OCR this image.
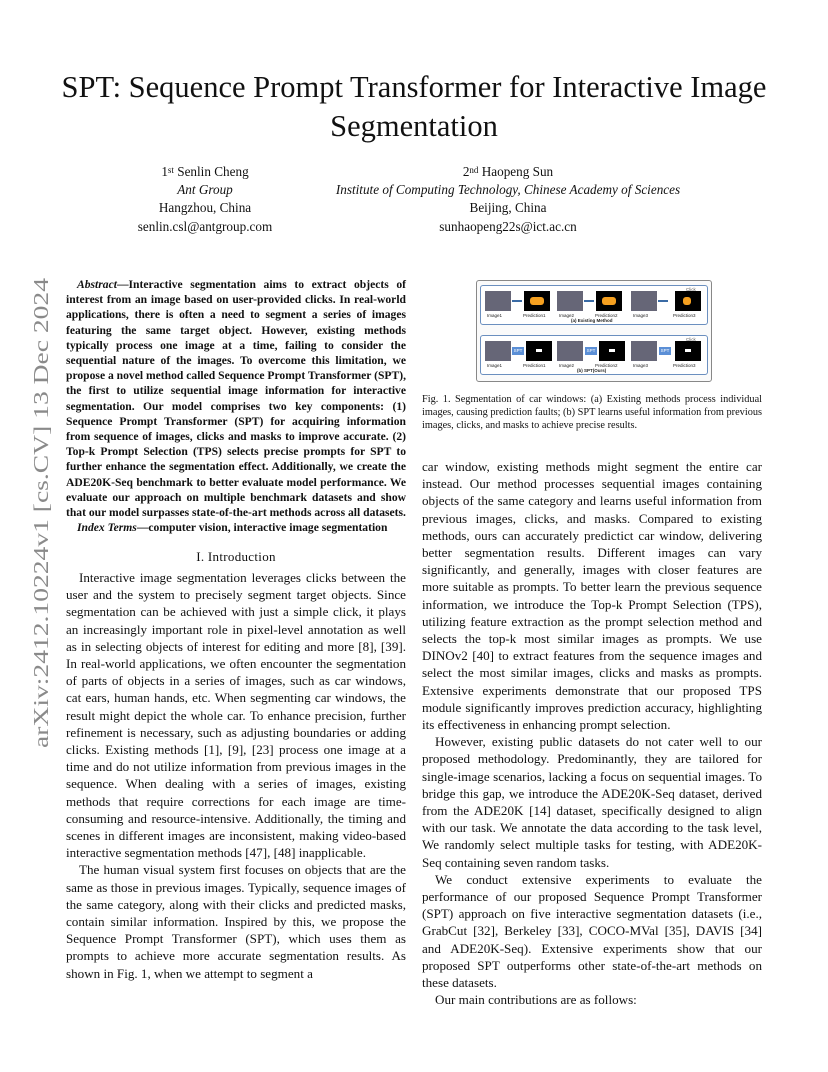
arXiv:2412.10224v1 [cs.CV] 13 Dec 2024
SPT: Sequence Prompt Transformer for Interactive Image Segmentation
1st Senlin Cheng
Ant Group
Hangzhou, China
senlin.csl@antgroup.com
2nd Haopeng Sun
Institute of Computing Technology, Chinese Academy of Sciences
Beijing, China
sunhaopeng22s@ict.ac.cn

Abstract—Interactive segmentation aims to extract objects of interest from an image based on user-provided clicks. In real-world applications, there is often a need to segment a series of images featuring the same target object. However, existing methods typically process one image at a time, failing to consider the sequential nature of the images. To overcome this limitation, we propose a novel method called Sequence Prompt Transformer (SPT), the first to utilize sequential image information for interactive segmentation. Our model comprises two key components: (1) Sequence Prompt Transformer (SPT) for acquiring information from sequence of images, clicks and masks to improve accurate. (2) Top-k Prompt Selection (TPS) selects precise prompts for SPT to further enhance the segmentation effect. Additionally, we create the ADE20K-Seq benchmark to better evaluate model performance. We evaluate our approach on multiple benchmark datasets and show that our model surpasses state-of-the-art methods across all datasets.

Index Terms—computer vision, interactive image segmentation

I. Introduction

Interactive image segmentation leverages clicks between the user and the system to precisely segment target objects. Since segmentation can be achieved with just a simple click, it plays an increasingly important role in pixel-level annotation as well as in selecting objects of interest for editing and more [8], [39]. In real-world applications, we often encounter the segmentation of parts of objects in a series of images, such as car windows, cat ears, human hands, etc. When segmenting car windows, the result might depict the whole car. To enhance precision, further refinement is necessary, such as adjusting boundaries or adding clicks. Existing methods [1], [9], [23] process one image at a time and do not utilize information from previous images in the sequence. When dealing with a series of images, existing methods that require corrections for each image are time-consuming and resource-intensive. Additionally, the timing and scenes in different images are inconsistent, making video-based interactive segmentation methods [47], [48] inapplicable.

The human visual system first focuses on objects that are the same as those in previous images. Typically, sequence images of the same category, along with their clicks and predicted masks, contain similar information. Inspired by this, we propose the Sequence Prompt Transformer (SPT), which uses them as prompts to achieve more accurate segmentation results. As shown in Fig. 1, when we attempt to segment a

Image1	Prediction1	Image2	Prediction2	Image3	Prediction3
Click
(a) Existing Method
SPT	SPT	SPT
Image1	Prediction1	Image2	Prediction2	Image3	Prediction3
Click
(b) SPT(Ours)
Fig. 1. Segmentation of car windows: (a) Existing methods process individual images, causing prediction faults; (b) SPT learns useful information from previous images, clicks, and masks to achieve precise results.

car window, existing methods might segment the entire car instead. Our method processes sequential images containing objects of the same category and learns useful information from previous images, clicks, and masks. Compared to existing methods, ours can accurately predictict car window, delivering better segmentation results. Different images can vary significantly, and generally, images with closer features are more suitable as prompts. To better learn the previous sequence information, we introduce the Top-k Prompt Selection (TPS), utilizing feature extraction as the prompt selection method and selects the top-k most similar images as prompts. We use DINOv2 [40] to extract features from the sequence images and select the most similar images, clicks and masks as prompts. Extensive experiments demonstrate that our proposed TPS module significantly improves prediction accuracy, highlighting its effectiveness in enhancing prompt selection.

However, existing public datasets do not cater well to our proposed methodology. Predominantly, they are tailored for single-image scenarios, lacking a focus on sequential images. To bridge this gap, we introduce the ADE20K-Seq dataset, derived from the ADE20K [14] dataset, specifically designed to align with our task. We annotate the data according to the task level, We randomly select multiple tasks for testing, with ADE20K-Seq containing seven random tasks.

We conduct extensive experiments to evaluate the performance of our proposed Sequence Prompt Transformer (SPT) approach on five interactive segmentation datasets (i.e., GrabCut [32], Berkeley [33], COCO-MVal [35], DAVIS [34] and ADE20K-Seq). Extensive experiments show that our proposed SPT outperforms other state-of-the-art methods on these datasets.

Our main contributions are as follows:
